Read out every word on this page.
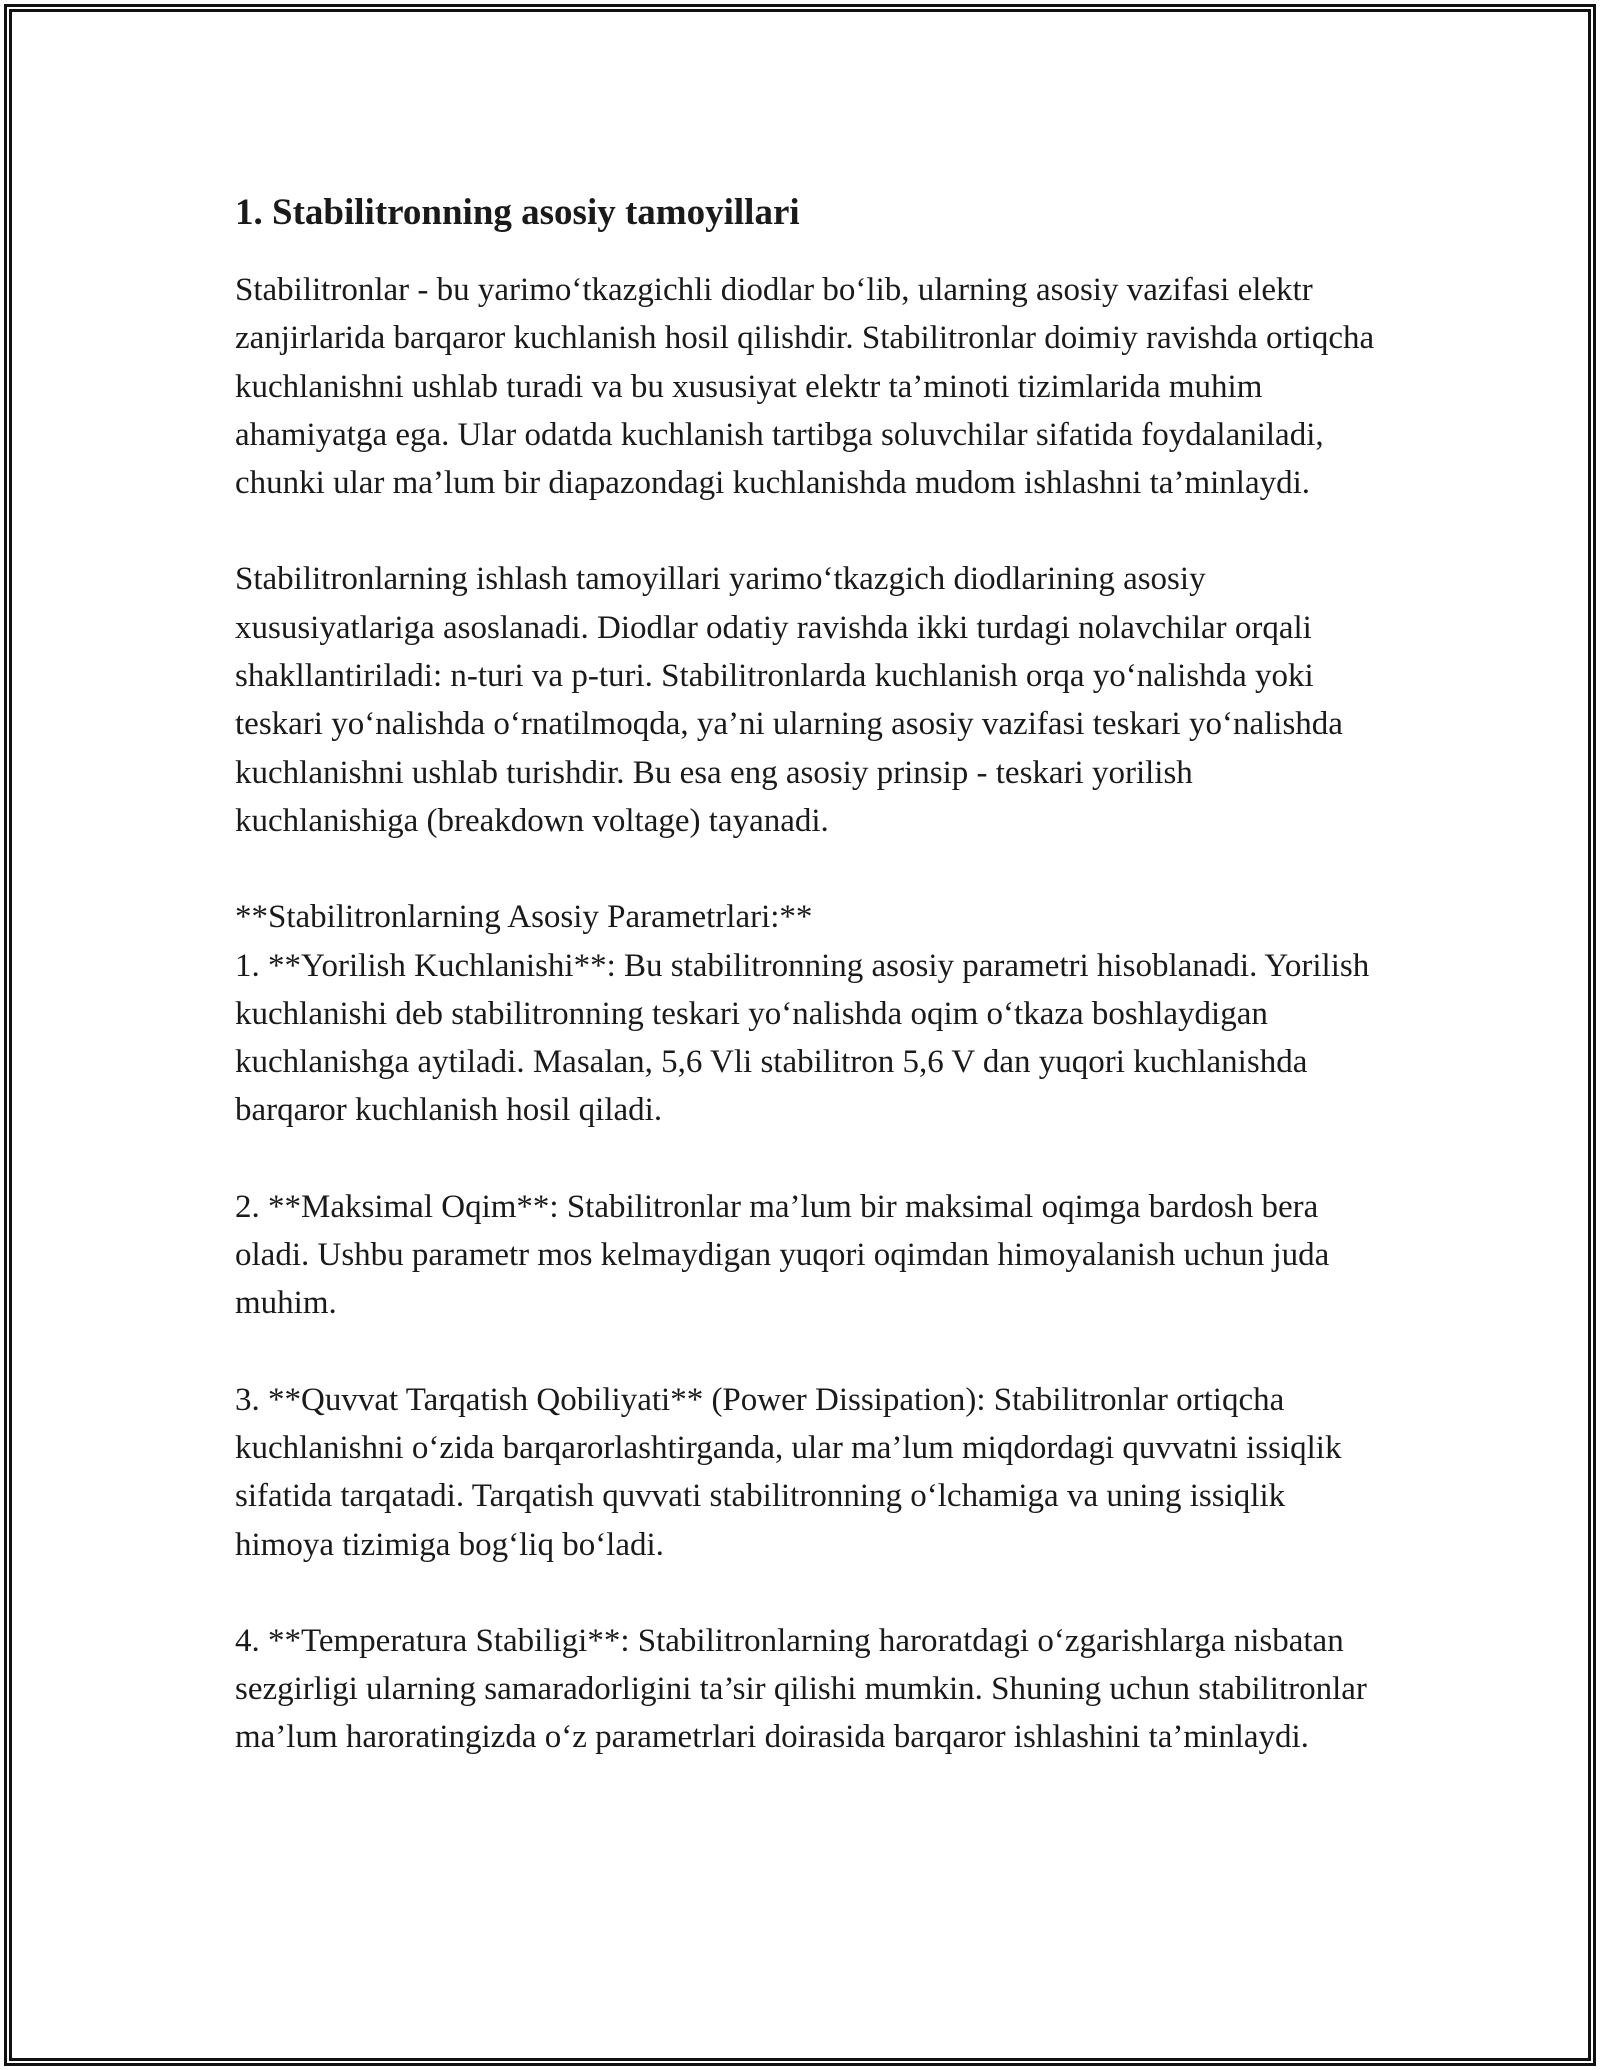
1. Stabilitronning asosiy tamoyillari

Stabilitronlar - bu yarimo‘tkazgichli diodlar bo‘lib, ularning asosiy vazifasi elektr zanjirlarida barqaror kuchlanish hosil qilishdir. Stabilitronlar doimiy ravishda ortiqcha kuchlanishni ushlab turadi va bu xususiyat elektr ta’minoti tizimlarida muhim ahamiyatga ega. Ular odatda kuchlanish tartibga soluvchilar sifatida foydalaniladi, chunki ular ma’lum bir diapazondagi kuchlanishda mudom ishlashni ta’minlaydi.

Stabilitronlarning ishlash tamoyillari yarimo‘tkazgich diodlarining asosiy xususiyatlariga asoslanadi. Diodlar odatiy ravishda ikki turdagi nolavchilar orqali shakllantiriladi: n-turi va p-turi. Stabilitronlarda kuchlanish orqa yo‘nalishda yoki teskari yo‘nalishda o‘rnatilmoqda, ya’ni ularning asosiy vazifasi teskari yo‘nalishda kuchlanishni ushlab turishdir. Bu esa eng asosiy prinsip - teskari yorilish kuchlanishiga (breakdown voltage) tayanadi.

**Stabilitronlarning Asosiy Parametrlari:**

1. **Yorilish Kuchlanishi**: Bu stabilitronning asosiy parametri hisoblanadi. Yorilish kuchlanishi deb stabilitronning teskari yo‘nalishda oqim o‘tkaza boshlaydigan kuchlanishga aytiladi. Masalan, 5,6 Vli stabilitron 5,6 V dan yuqori kuchlanishda barqaror kuchlanish hosil qiladi.

2. **Maksimal Oqim**: Stabilitronlar ma’lum bir maksimal oqimga bardosh bera oladi. Ushbu parametr mos kelmaydigan yuqori oqimdan himoyalanish uchun juda muhim.

3. **Quvvat Tarqatish Qobiliyati** (Power Dissipation): Stabilitronlar ortiqcha kuchlanishni o‘zida barqarorlashtirganda, ular ma’lum miqdordagi quvvatni issiqlik sifatida tarqatadi. Tarqatish quvvati stabilitronning o‘lchamiga va uning issiqlik himoya tizimiga bog‘liq bo‘ladi.

4. **Temperatura Stabiligi**: Stabilitronlarning haroratdagi o‘zgarishlarga nisbatan sezgirligi ularning samaradorligini ta’sir qilishi mumkin. Shuning uchun stabilitronlar ma’lum haroratingizda o‘z parametrlari doirasida barqaror ishlashini ta’minlaydi.
